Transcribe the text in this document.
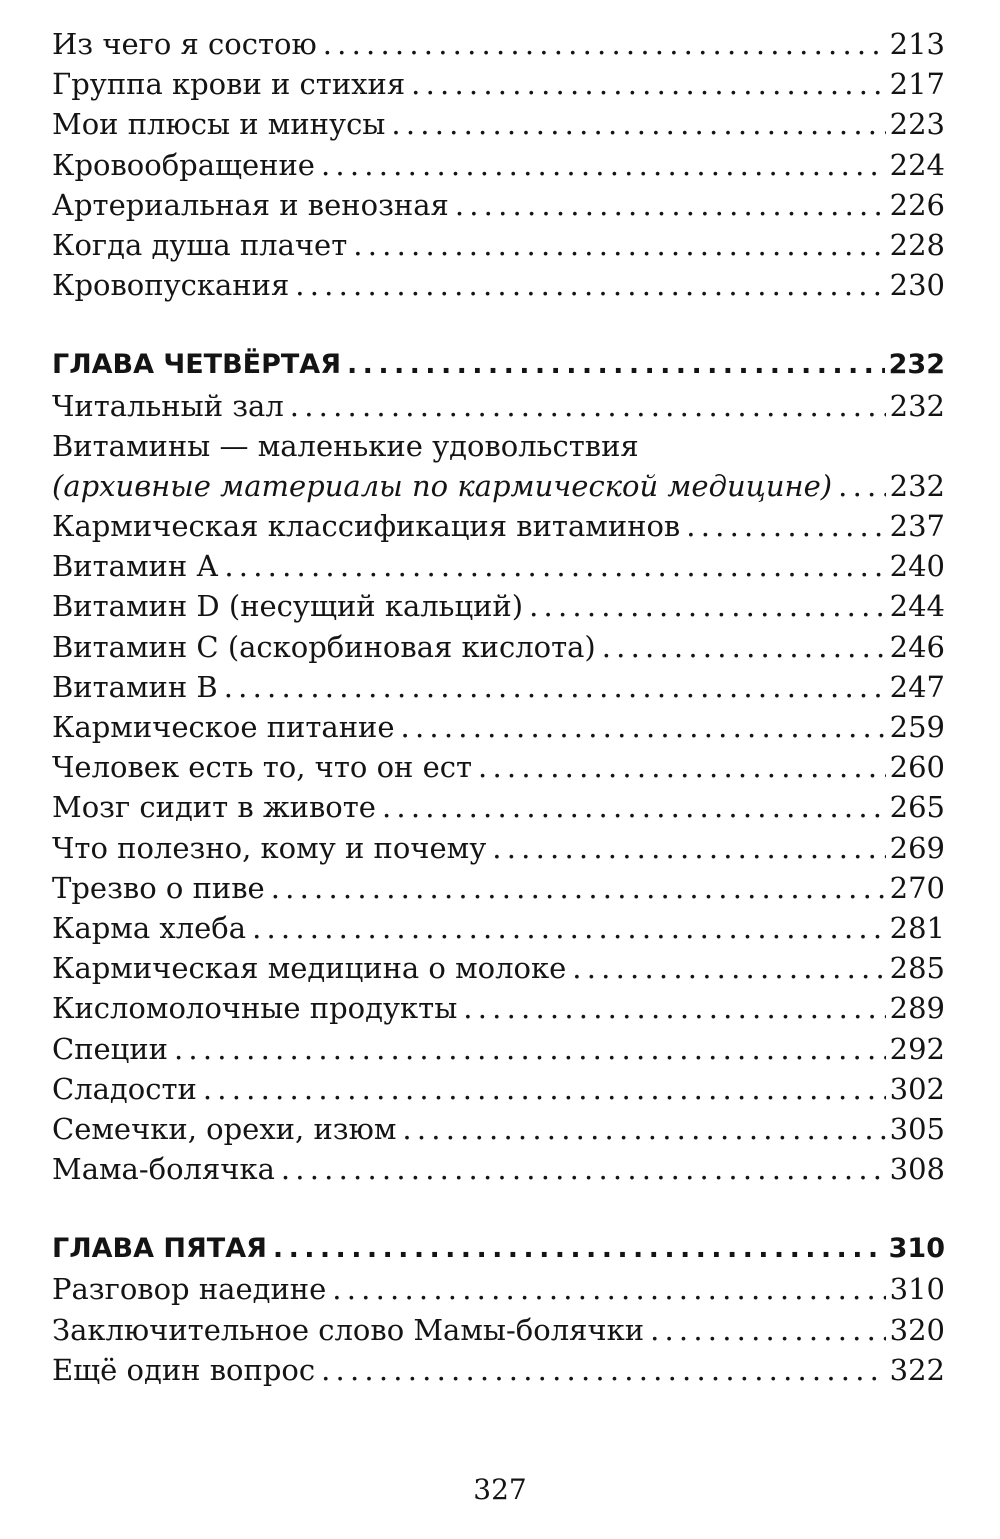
Из чего я состою . . .	213
Группа крови и стихия . . .	217
Мои плюсы и минусы . . .	223
Кровообращение . . .	224
Артериальная и венозная . . .	226
Когда душа плачет . . .	228
Кровопускания . . .	230
ГЛАВА ЧЕТВЁРТАЯ . . .	232
Читальный зал . . .	232
Витамины — маленькие удовольствия
(архивные материалы по кармической медицине) . . . 232
Кармическая классификация витаминов . . .	237
Витамин А . . .	240
Витамин D (несущий кальций) . . .	244
Витамин С (аскорбиновая кислота) . . .	246
Витамин В . . .	247
Кармическое питание . . .	259
Человек есть то, что он ест . . .	260
Мозг сидит в животе . . .	265
Что полезно, кому и почему . . .	269
Трезво о пиве . . .	270
Карма хлеба . . .	281
Кармическая медицина о молоке . . .	285
Кисломолочные продукты . . .	289
Специи . . .	292
Сладости . . .	302
Семечки, орехи, изюм . . .	305
Мама-болячка . . .	308
ГЛАВА ПЯТАЯ . . .	310
Разговор наедине . . .	310
Заключительное слово Мамы-болячки . . .	320
Ещё один вопрос . . .	322
327
